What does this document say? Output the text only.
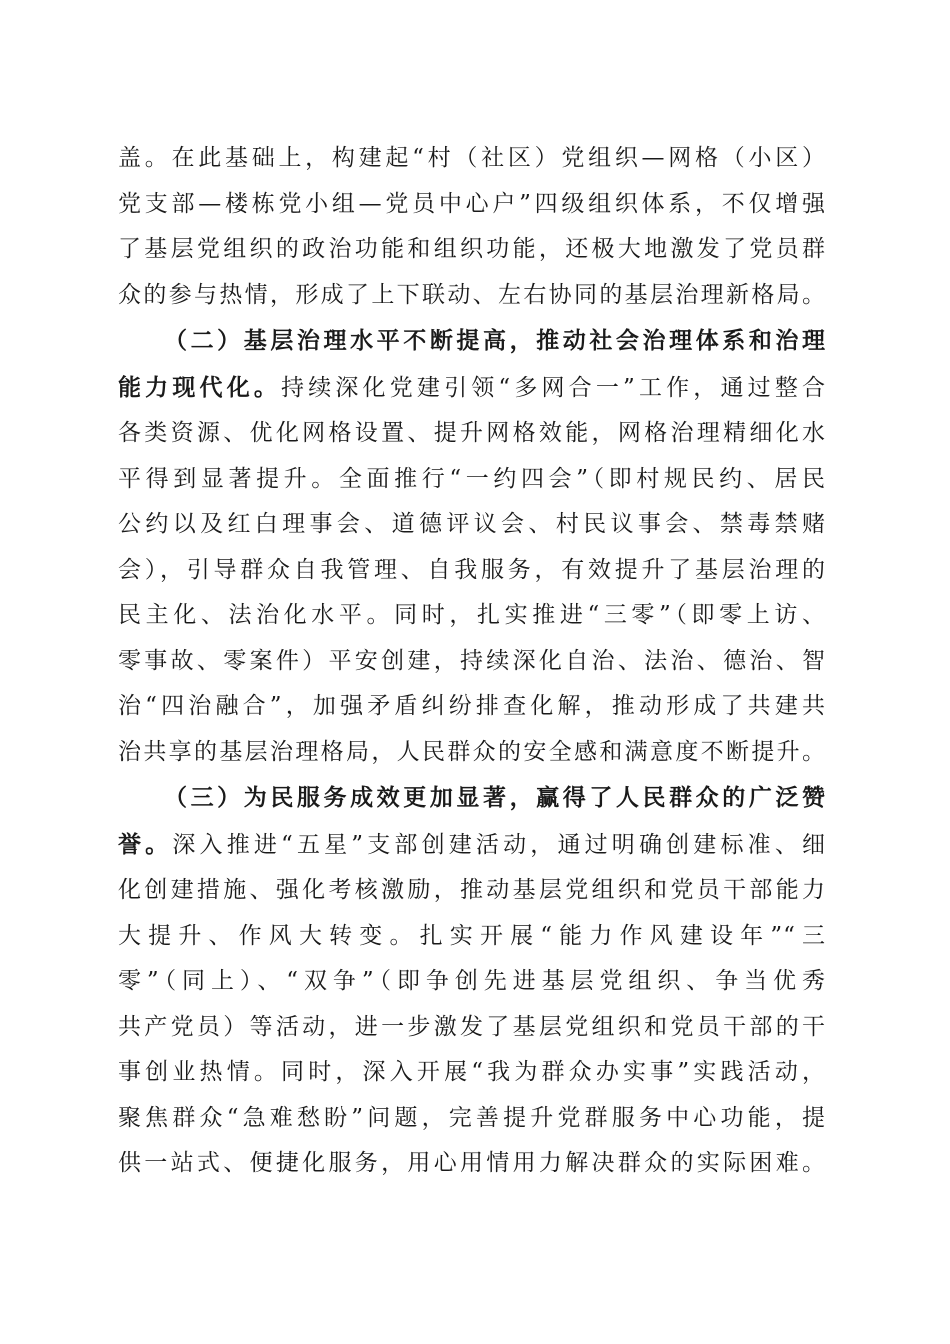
盖。在此基础上，构建起“村（社区）党组织—网格（小区）
党支部—楼栋党小组—党员中心户”四级组织体系，不仅增强
了基层党组织的政治功能和组织功能，还极大地激发了党员群
众的参与热情，形成了上下联动、左右协同的基层治理新格局。
（二）基层治理水平不断提高，推动社会治理体系和治理
能力现代化。持续深化党建引领“多网合一”工作，通过整合
各类资源、优化网格设置、提升网格效能，网格治理精细化水
平得到显著提升。全面推行“一约四会”（即村规民约、居民
公约以及红白理事会、道德评议会、村民议事会、禁毒禁赌
会），引导群众自我管理、自我服务，有效提升了基层治理的
民主化、法治化水平。同时，扎实推进“三零”（即零上访、
零事故、零案件）平安创建，持续深化自治、法治、德治、智
治“四治融合”，加强矛盾纠纷排查化解，推动形成了共建共
治共享的基层治理格局，人民群众的安全感和满意度不断提升。
（三）为民服务成效更加显著，赢得了人民群众的广泛赞
誉。深入推进“五星”支部创建活动，通过明确创建标准、细
化创建措施、强化考核激励，推动基层党组织和党员干部能力
大提升、作风大转变。扎实开展“能力作风建设年”“三
零”（同上）、“双争”（即争创先进基层党组织、争当优秀
共产党员）等活动，进一步激发了基层党组织和党员干部的干
事创业热情。同时，深入开展“我为群众办实事”实践活动，
聚焦群众“急难愁盼”问题，完善提升党群服务中心功能，提
供一站式、便捷化服务，用心用情用力解决群众的实际困难。
